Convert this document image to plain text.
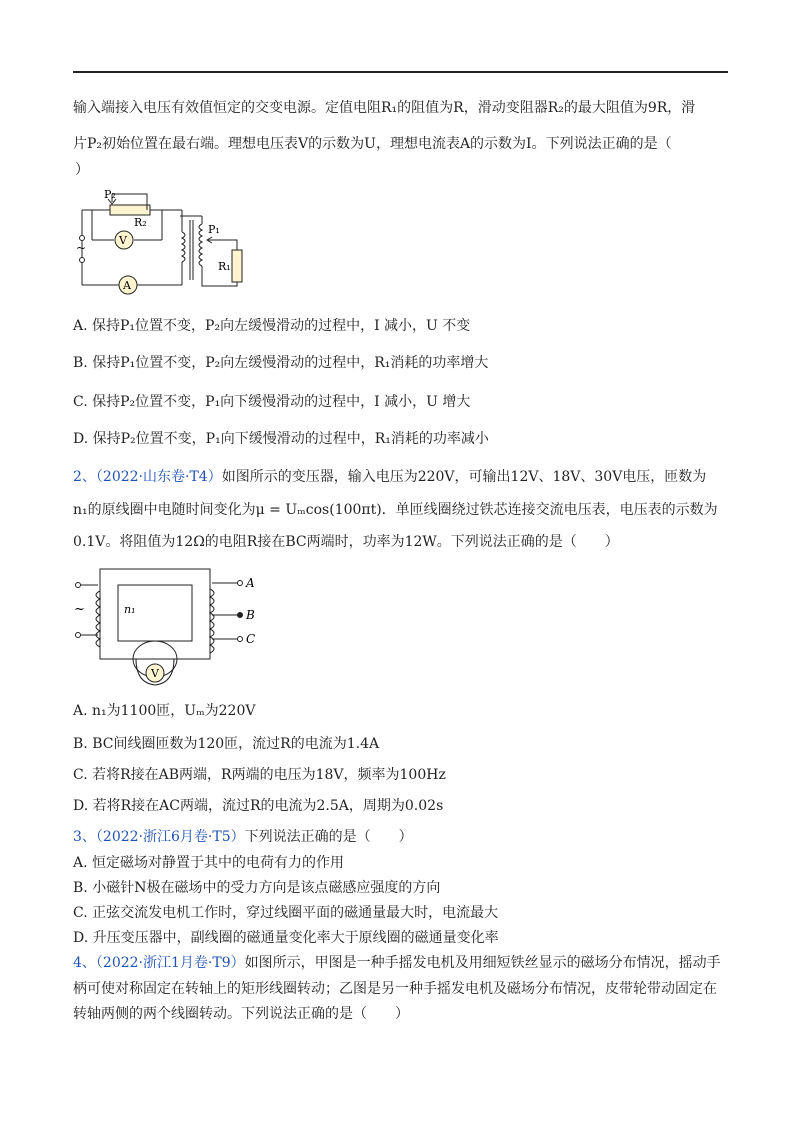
输入端接入电压有效值恒定的交变电源。定值电阻R₁的阻值为R，滑动变阻器R₂的最大阻值为9R，滑
片P₂初始位置在最右端。理想电压表V的示数为U，理想电流表A的示数为I。下列说法正确的是（
）
P₂
R₂
V
A
P₁
R₁
~
A. 保持P₁位置不变，P₂向左缓慢滑动的过程中，I 减小，U 不变
B. 保持P₁位置不变，P₂向左缓慢滑动的过程中，R₁消耗的功率增大
C. 保持P₂位置不变，P₁向下缓慢滑动的过程中，I 减小，U 增大
D. 保持P₂位置不变，P₁向下缓慢滑动的过程中，R₁消耗的功率减小
2、（2022·山东卷·T4）如图所示的变压器，输入电压为220V，可输出12V、18V、30V电压，匝数为
n₁的原线圈中电随时间变化为μ = Uₘcos(100πt)．单匝线圈绕过铁芯连接交流电压表，电压表的示数为
0.1V。将阻值为12Ω的电阻R接在BC两端时，功率为12W。下列说法正确的是（　　）
V
A
B
C
n₁
~
A. n₁为1100匝，Uₘ为220V
B. BC间线圈匝数为120匝，流过R的电流为1.4A
C. 若将R接在AB两端，R两端的电压为18V，频率为100Hz
D. 若将R接在AC两端，流过R的电流为2.5A，周期为0.02s
3、（2022·浙江6月卷·T5）下列说法正确的是（　　）
A. 恒定磁场对静置于其中的电荷有力的作用
B. 小磁针N极在磁场中的受力方向是该点磁感应强度的方向
C. 正弦交流发电机工作时，穿过线圈平面的磁通量最大时，电流最大
D. 升压变压器中，副线圈的磁通量变化率大于原线圈的磁通量变化率
4、（2022·浙江1月卷·T9）如图所示，甲图是一种手摇发电机及用细短铁丝显示的磁场分布情况，摇动手
柄可使对称固定在转轴上的矩形线圈转动；乙图是另一种手摇发电机及磁场分布情况，皮带轮带动固定在
转轴两侧的两个线圈转动。下列说法正确的是（　　）
